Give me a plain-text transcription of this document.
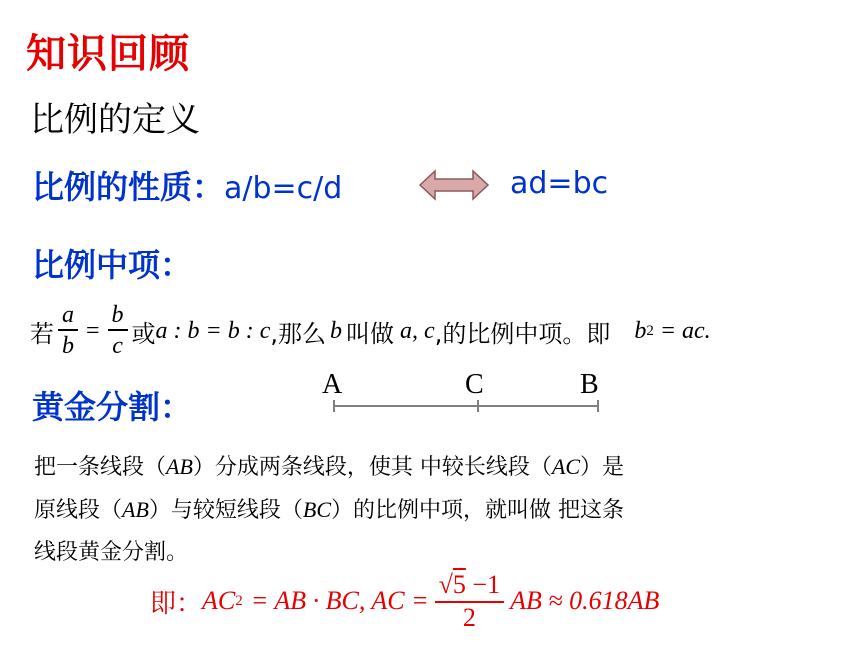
知识回顾
比例的定义
比例的性质：a/b=c/d	ad=bc
比例中项：
若 $\frac{a}{b} = \frac{b}{c}$ 或 a : b = b : c ,那么 b 叫做 a, c ,的比例中项。即 b 2 = ac.
黄金分割：
A	C	B
把一条线段（AB）分成两条线段，使其 中较长线段（AC）是
原线段（AB）与较短线段（BC）的比例中项，就叫做 把这条
线段黄金分割。
即： AC 2 = AB · BC, AC = $\frac{√5 -1}{2}$ AB ≈ 0.618AB
